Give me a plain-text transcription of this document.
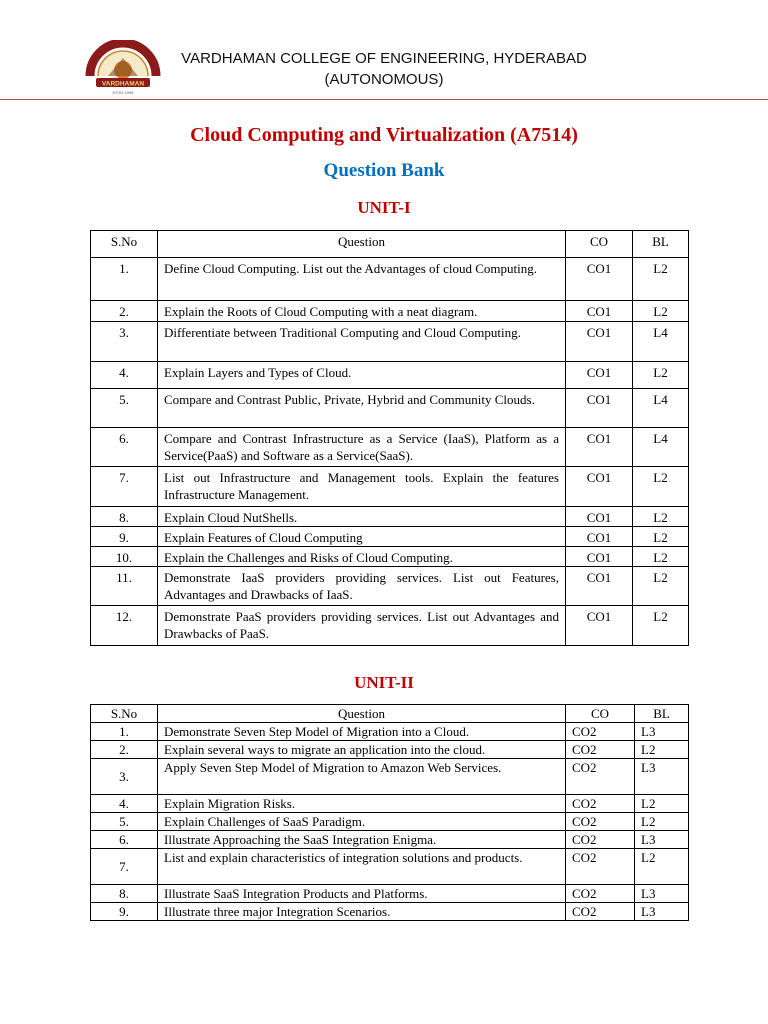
VARDHAMAN
ESTD 1999
VARDHAMAN COLLEGE OF ENGINEERING, HYDERABAD
(AUTONOMOUS)
Cloud Computing and Virtualization (A7514)
Question Bank
UNIT-I
S.No	Question	CO	BL
1.	Define Cloud Computing. List out the Advantages of cloud Computing.	CO1	L2
2.	Explain the Roots of Cloud Computing with a neat diagram.	CO1	L2
3.	Differentiate between Traditional Computing and Cloud Computing.	CO1	L4
4.	Explain Layers and Types of Cloud.	CO1	L2
5.	Compare and Contrast Public, Private, Hybrid and Community Clouds.	CO1	L4
6.	Compare and Contrast Infrastructure as a Service (IaaS), Platform as a Service(PaaS) and Software as a Service(SaaS).	CO1	L4
7.	List out Infrastructure and Management tools. Explain the features Infrastructure Management.	CO1	L2
8.	Explain Cloud NutShells.	CO1	L2
9.	Explain Features of Cloud Computing	CO1	L2
10.	Explain the Challenges and Risks of Cloud Computing.	CO1	L2
11.	Demonstrate IaaS providers providing services. List out Features, Advantages and Drawbacks of IaaS.	CO1	L2
12.	Demonstrate PaaS providers providing services. List out Advantages and Drawbacks of PaaS.	CO1	L2
UNIT-II
S.No	Question	CO	BL
1.	Demonstrate Seven Step Model of Migration into a Cloud.	CO2	L3
2.	Explain several ways to migrate an application into the cloud.	CO2	L2
3.	Apply Seven Step Model of Migration to Amazon Web Services.	CO2	L3
4.	Explain Migration Risks.	CO2	L2
5.	Explain Challenges of SaaS Paradigm.	CO2	L2
6.	Illustrate Approaching the SaaS Integration Enigma.	CO2	L3
7.	List and explain characteristics of integration solutions and products.	CO2	L2
8.	Illustrate SaaS Integration Products and Platforms.	CO2	L3
9.	Illustrate three major Integration Scenarios.	CO2	L3
